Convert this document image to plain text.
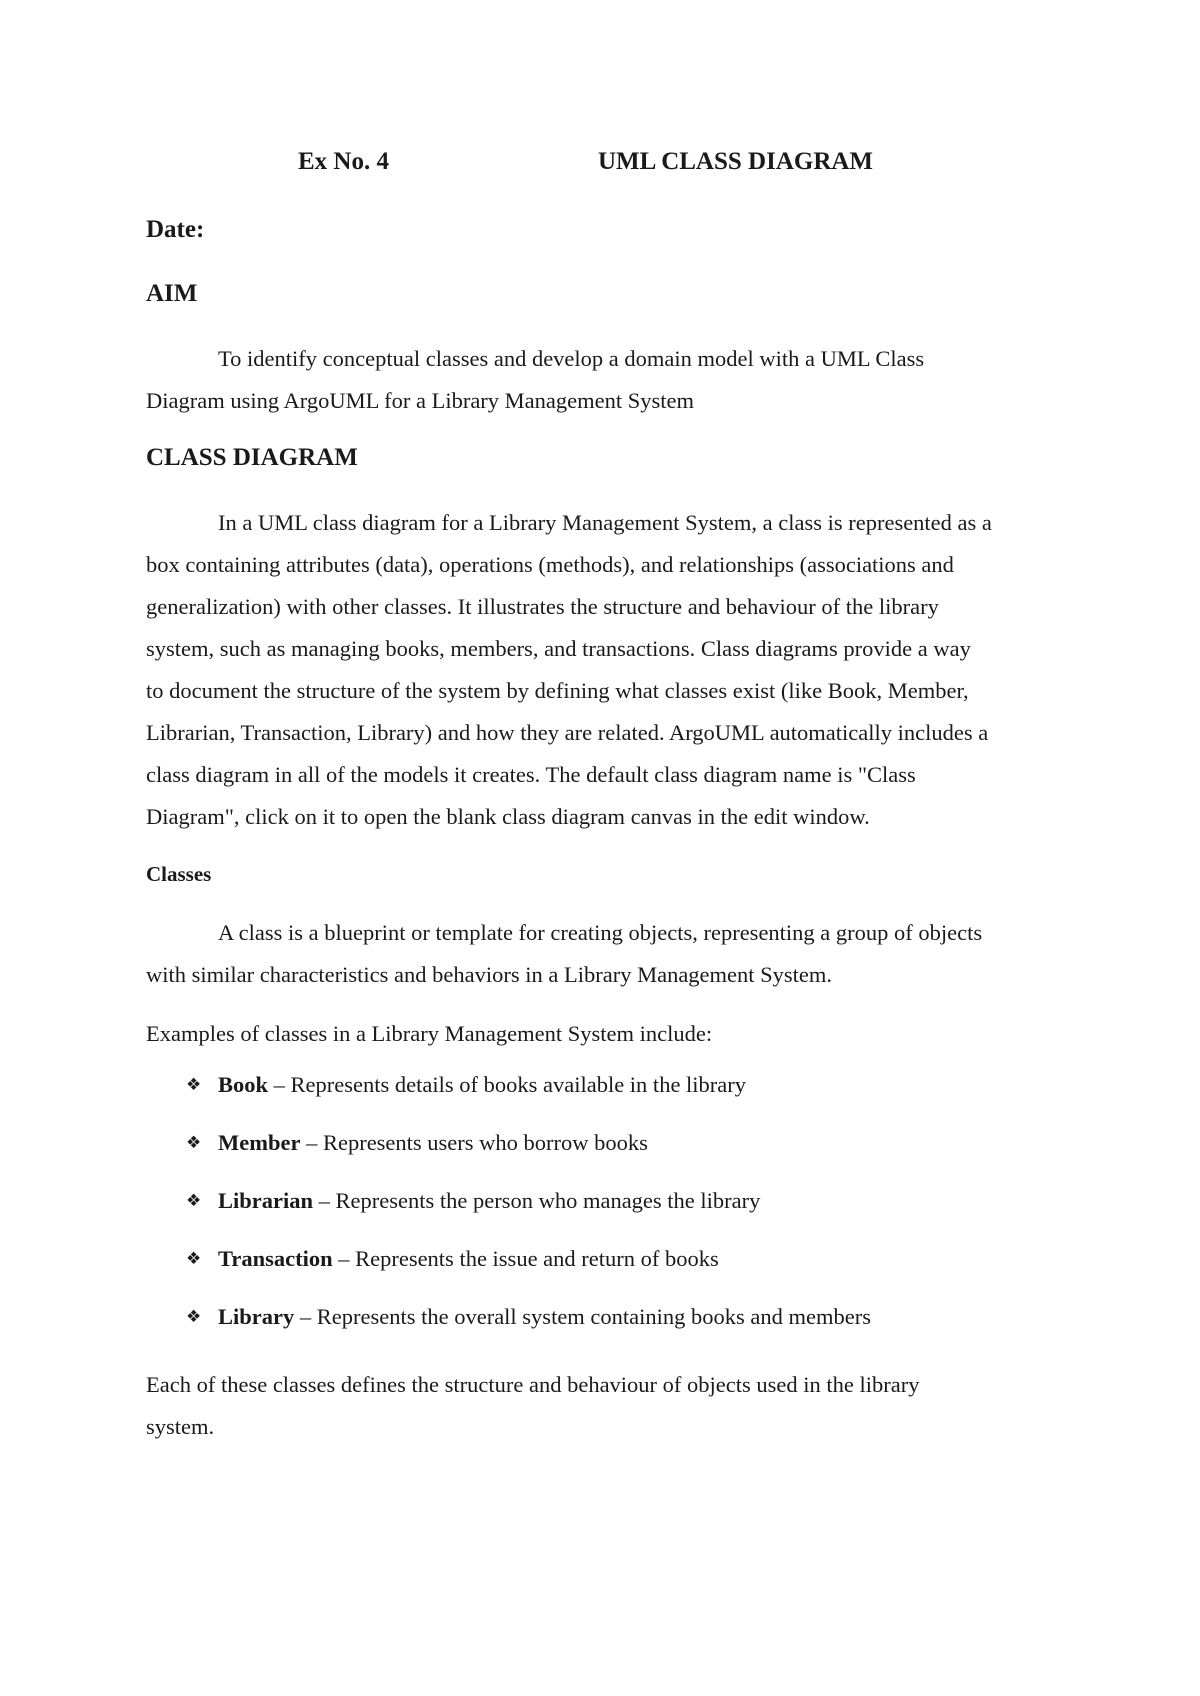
Ex No. 4	UML CLASS DIAGRAM
Date:
AIM
To identify conceptual classes and develop a domain model with a UML Class
Diagram using ArgoUML for a Library Management System
CLASS DIAGRAM
In a UML class diagram for a Library Management System, a class is represented as a
box containing attributes (data), operations (methods), and relationships (associations and
generalization) with other classes. It illustrates the structure and behaviour of the library
system, such as managing books, members, and transactions. Class diagrams provide a way
to document the structure of the system by defining what classes exist (like Book, Member,
Librarian, Transaction, Library) and how they are related. ArgoUML automatically includes a
class diagram in all of the models it creates. The default class diagram name is "Class
Diagram", click on it to open the blank class diagram canvas in the edit window.
Classes
A class is a blueprint or template for creating objects, representing a group of objects
with similar characteristics and behaviors in a Library Management System.
Examples of classes in a Library Management System include:
❖ Book – Represents details of books available in the library
❖ Member – Represents users who borrow books
❖ Librarian – Represents the person who manages the library
❖ Transaction – Represents the issue and return of books
❖ Library – Represents the overall system containing books and members
Each of these classes defines the structure and behaviour of objects used in the library
system.
